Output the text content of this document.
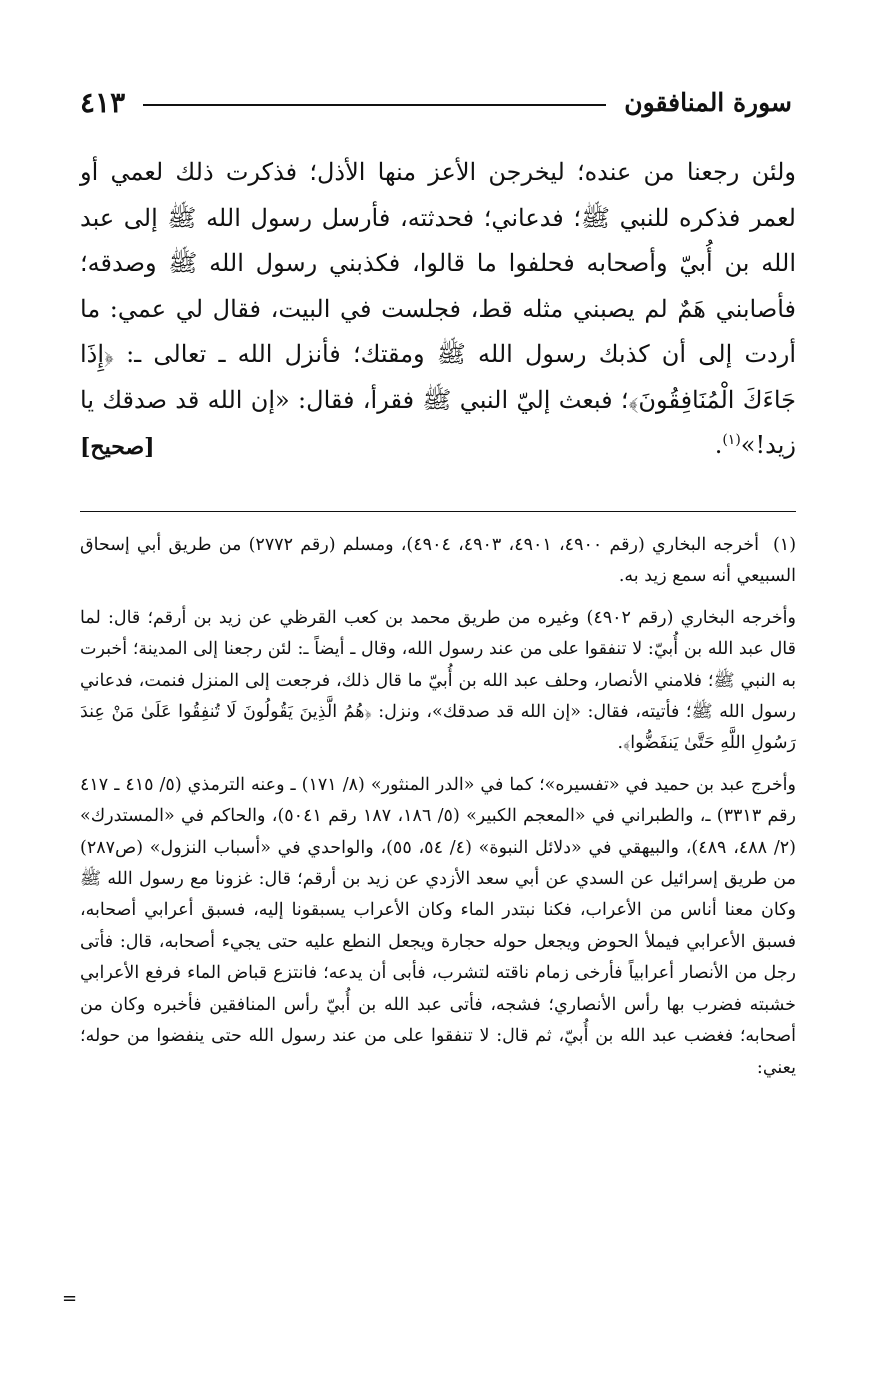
سورة المنافقون
٤١٣

ولئن رجعنا من عنده؛ ليخرجن الأعز منها الأذل؛ فذكرت ذلك لعمي أو لعمر فذكره للنبي ﷺ؛ فدعاني؛ فحدثته، فأرسل رسول الله ﷺ إلى عبد الله بن أُبيّ وأصحابه فحلفوا ما قالوا، فكذبني رسول الله ﷺ وصدقه؛ فأصابني هَمٌ لم يصبني مثله قط، فجلست في البيت، فقال لي عمي: ما أردت إلى أن كذبك رسول الله ﷺ ومقتك؛ فأنزل الله ـ تعالى ـ: ﴿إِذَا جَاءَكَ الْمُنَافِقُونَ﴾؛ فبعث إليّ النبي ﷺ فقرأ، فقال: «إن الله قد صدقك يا زيد!»$^{(١)}$.
[صحيح]

(١)أخرجه البخاري (رقم ٤٩٠٠، ٤٩٠١، ٤٩٠٣، ٤٩٠٤)، ومسلم (رقم ٢٧٧٢) من طريق أبي إسحاق السبيعي أنه سمع زيد به.

وأخرجه البخاري (رقم ٤٩٠٢) وغيره من طريق محمد بن كعب القرظي عن زيد بن أرقم؛ قال: لما قال عبد الله بن أُبيّ: لا تنفقوا على من عند رسول الله، وقال ـ أيضاً ـ: لئن رجعنا إلى المدينة؛ أخبرت به النبي ﷺ؛ فلامني الأنصار، وحلف عبد الله بن أُبيّ ما قال ذلك، فرجعت إلى المنزل فنمت، فدعاني رسول الله ﷺ؛ فأتيته، فقال: «إن الله قد صدقك»، ونزل: ﴿هُمُ الَّذِينَ يَقُولُونَ لَا تُنفِقُوا عَلَىٰ مَنْ عِندَ رَسُولِ اللَّهِ حَتَّىٰ يَنفَضُّوا﴾.

وأخرج عبد بن حميد في «تفسيره»؛ كما في «الدر المنثور» (٨/ ١٧١) ـ وعنه الترمذي (٥/ ٤١٥ ـ ٤١٧ رقم ٣٣١٣) ـ، والطبراني في «المعجم الكبير» (٥/ ١٨٦، ١٨٧ رقم ٥٠٤١)، والحاكم في «المستدرك» (٢/ ٤٨٨، ٤٨٩)، والبيهقي في «دلائل النبوة» (٤/ ٥٤، ٥٥)، والواحدي في «أسباب النزول» (ص٢٨٧) من طريق إسرائيل عن السدي عن أبي سعد الأزدي عن زيد بن أرقم؛ قال: غزونا مع رسول الله ﷺ وكان معنا أناس من الأعراب، فكنا نبتدر الماء وكان الأعراب يسبقونا إليه، فسبق أعرابي أصحابه، فسبق الأعرابي فيملأ الحوض ويجعل حوله حجارة ويجعل النطع عليه حتى يجيء أصحابه، قال: فأتى رجل من الأنصار أعرابياً فأرخى زمام ناقته لتشرب، فأبى أن يدعه؛ فانتزع قباض الماء فرفع الأعرابي خشبته فضرب بها رأس الأنصاري؛ فشجه، فأتى عبد الله بن أُبيّ رأس المنافقين فأخبره وكان من أصحابه؛ فغضب عبد الله بن أُبيّ، ثم قال: لا تنفقوا على من عند رسول الله حتى ينفضوا من حوله؛ يعني:

=
